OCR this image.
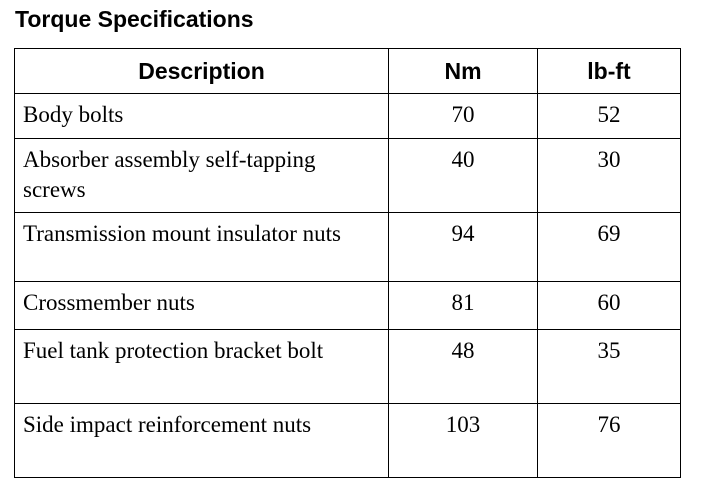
Torque Specifications
Description	Nm	lb-ft
Body bolts	70	52
Absorber assembly self-tapping screws	40	30
Transmission mount insulator nuts	94	69
Crossmember nuts	81	60
Fuel tank protection bracket bolt	48	35
Side impact reinforcement nuts	103	76
